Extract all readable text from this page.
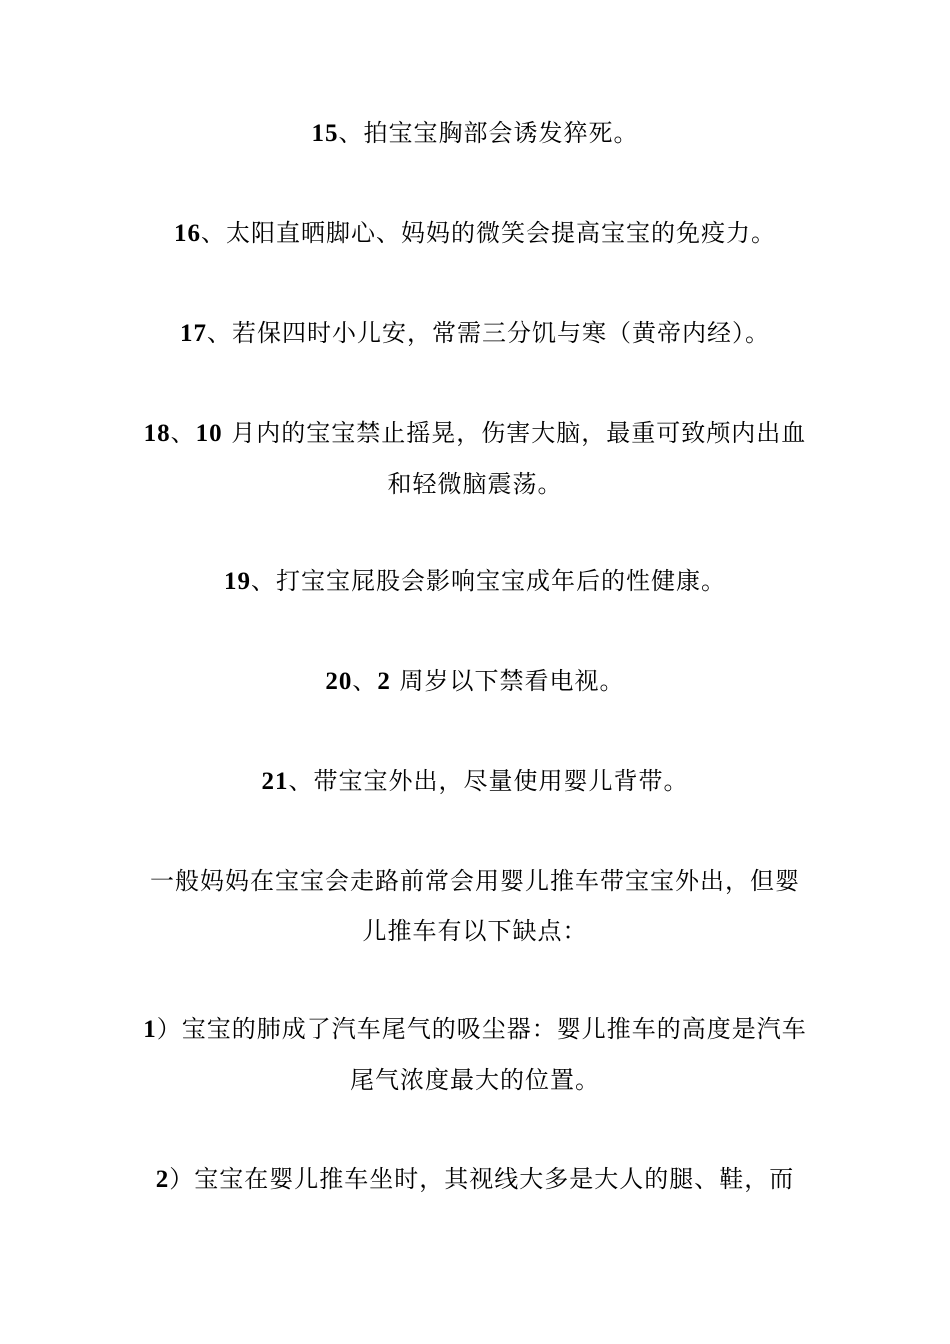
15、拍宝宝胸部会诱发猝死。

16、太阳直晒脚心、妈妈的微笑会提高宝宝的免疫力。

17、若保四时小儿安，常需三分饥与寒（黄帝内经）。

18、10 月内的宝宝禁止摇晃，伤害大脑，最重可致颅内出血和轻微脑震荡。

19、打宝宝屁股会影响宝宝成年后的性健康。

20、2 周岁以下禁看电视。

21、带宝宝外出，尽量使用婴儿背带。

一般妈妈在宝宝会走路前常会用婴儿推车带宝宝外出，但婴儿推车有以下缺点：

1）宝宝的肺成了汽车尾气的吸尘器：婴儿推车的高度是汽车尾气浓度最大的位置。

2）宝宝在婴儿推车坐时，其视线大多是大人的腿、鞋，而
